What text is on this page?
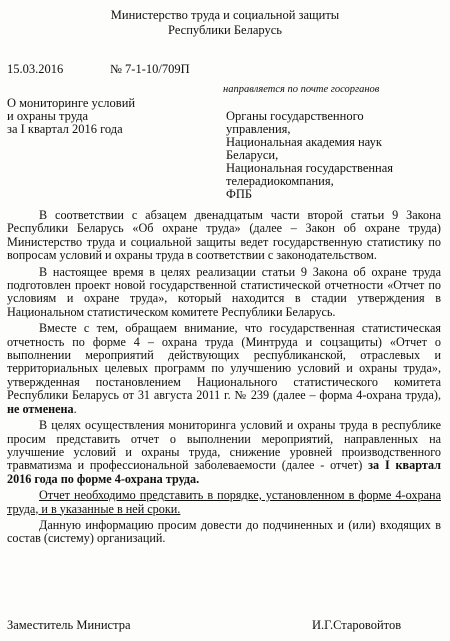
Министерство труда и социальной защиты
Республики Беларусь
15.03.2016	№ 7-1-10/709П
направляется по почте госорганов
О мониторинге условий
и охраны труда
за I квартал 2016 года
Органы государственного
управления,
Национальная академия наук
Беларуси,
Национальная государственная
телерадиокомпания,
ФПБ

В соответствии с абзацем двенадцатым части второй статьи 9 Закона Республики Беларусь «Об охране труда» (далее – Закон об охране труда) Министерство труда и социальной защиты ведет государственную статистику по вопросам условий и охраны труда в соответствии с законодательством.

В настоящее время в целях реализации статьи 9 Закона об охране труда подготовлен проект новой государственной статистической отчетности «Отчет по условиям и охране труда», который находится в стадии утверждения в Национальном статистическом комитете Республики Беларусь.

Вместе с тем, обращаем внимание, что государственная статистическая отчетность по форме 4 – охрана труда (Минтруда и соцзащиты) «Отчет о выполнении мероприятий действующих республиканской, отраслевых и территориальных целевых программ по улучшению условий и охраны труда», утвержденная постановлением Национального статистического комитета Республики Беларусь от 31 августа 2011 г. № 239 (далее – форма 4-охрана труда), не отменена.

В целях осуществления мониторинга условий и охраны труда в республике просим представить отчет о выполнении мероприятий, направленных на улучшение условий и охраны труда, снижение уровней производственного травматизма и профессиональной заболеваемости (далее - отчет) за I квартал 2016 года по форме 4-охрана труда.

Отчет необходимо представить в порядке, установленном в форме 4-охрана труда, и в указанные в ней сроки.

Данную информацию просим довести до подчиненных и (или) входящих в состав (систему) организаций.

Заместитель Министра	И.Г.Старовойтов
